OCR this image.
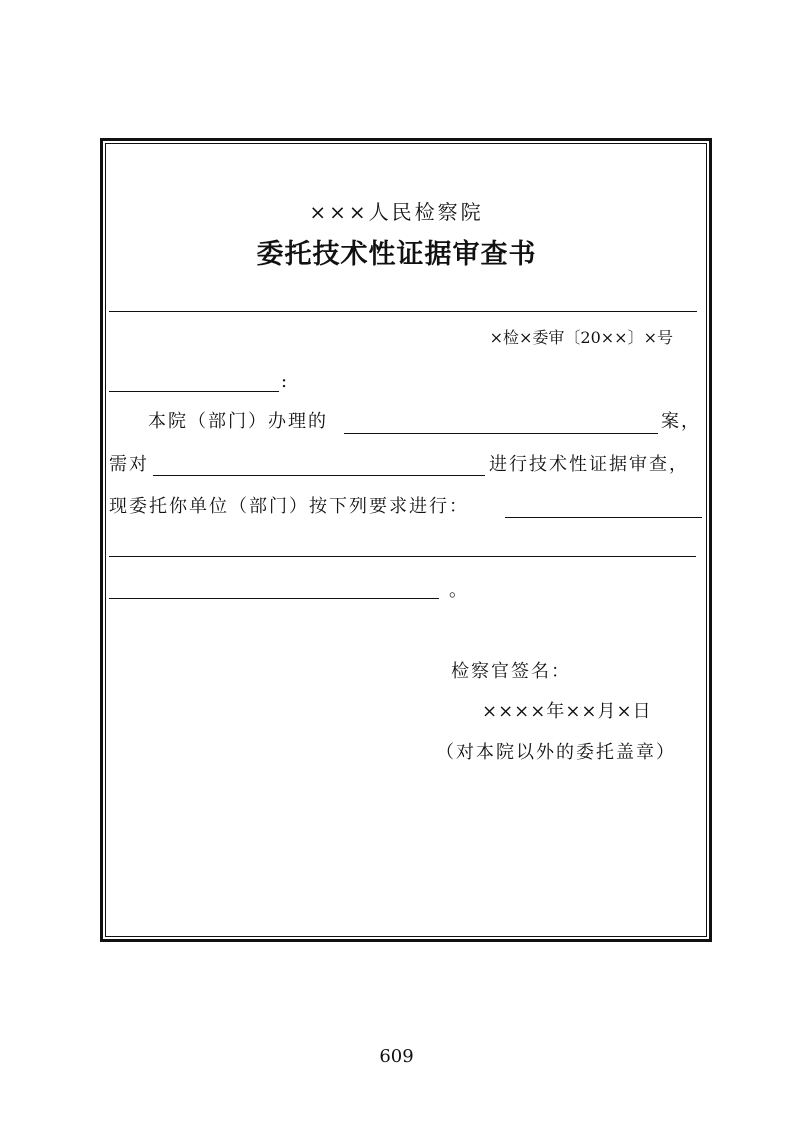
×××人民检察院
委托技术性证据审查书
×检×委审〔20××〕×号
:
本院（部门）办理的	案，
需对	进行技术性证据审查，
现委托你单位（部门）按下列要求进行：
。
检察官签名：
××××年××月×日
（对本院以外的委托盖章）
609
